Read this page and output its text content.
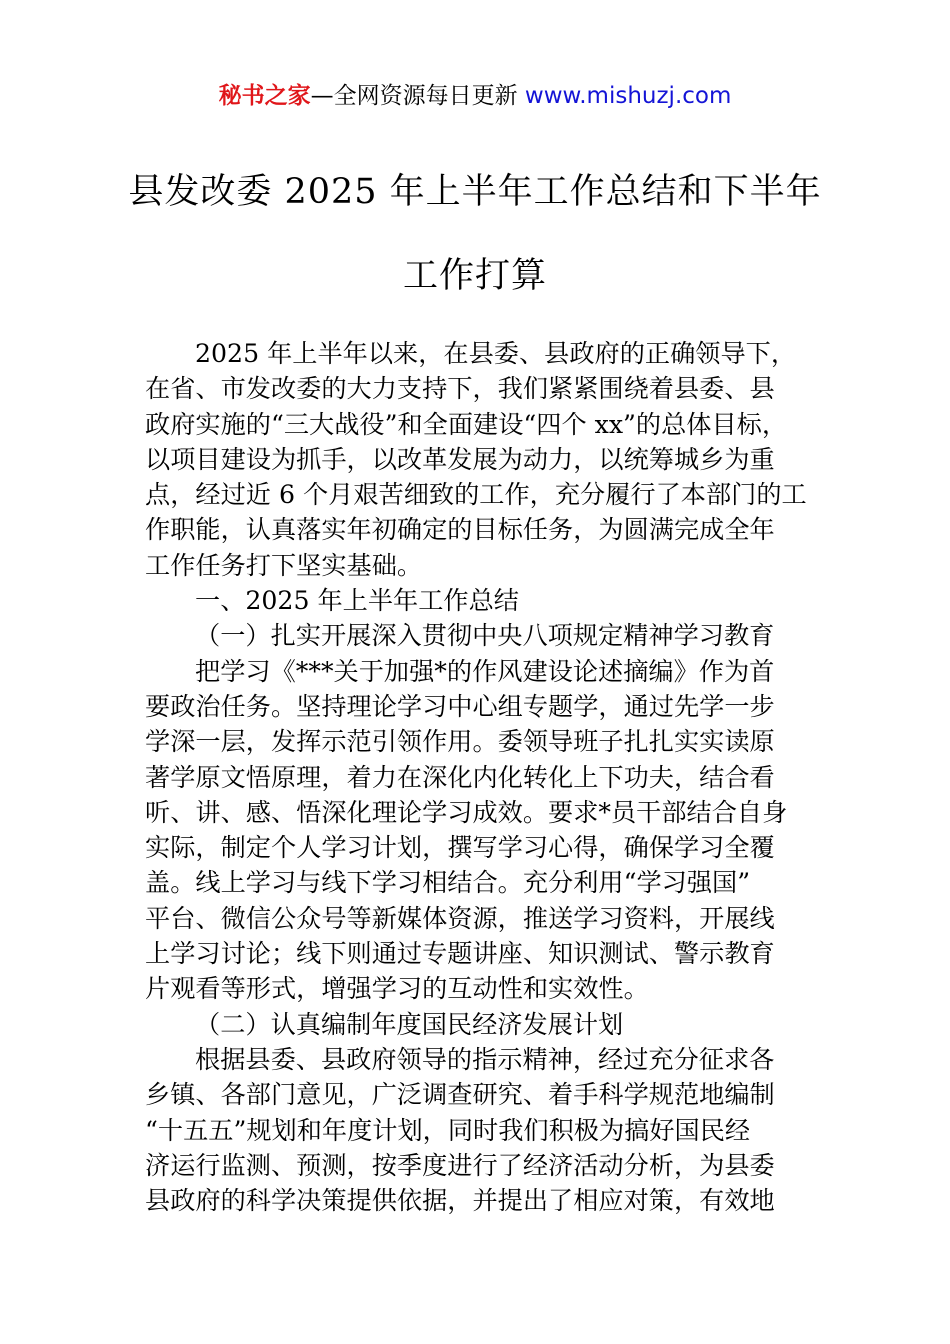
秘书之家—全网资源每日更新 www.mishuzj.com
县发改委 2025 年上半年工作总结和下半年
工作打算
2025 年上半年以来，在县委、县政府的正确领导下，
在省、市发改委的大力支持下，我们紧紧围绕着县委、县
政府实施的“三大战役”和全面建设“四个 xx”的总体目标，
以项目建设为抓手，以改革发展为动力，以统筹城乡为重
点，经过近 6 个月艰苦细致的工作，充分履行了本部门的工
作职能，认真落实年初确定的目标任务，为圆满完成全年
工作任务打下坚实基础。
一、2025 年上半年工作总结
（一）扎实开展深入贯彻中央八项规定精神学习教育
把学习《***关于加强*的作风建设论述摘编》作为首
要政治任务。坚持理论学习中心组专题学，通过先学一步
学深一层，发挥示范引领作用。委领导班子扎扎实实读原
著学原文悟原理，着力在深化内化转化上下功夫，结合看
听、讲、感、悟深化理论学习成效。要求*员干部结合自身
实际，制定个人学习计划，撰写学习心得，确保学习全覆
盖。线上学习与线下学习相结合。充分利用“学习强国”
平台、微信公众号等新媒体资源，推送学习资料，开展线
上学习讨论；线下则通过专题讲座、知识测试、警示教育
片观看等形式，增强学习的互动性和实效性。
（二）认真编制年度国民经济发展计划
根据县委、县政府领导的指示精神，经过充分征求各
乡镇、各部门意见，广泛调查研究、着手科学规范地编制
“十五五”规划和年度计划，同时我们积极为搞好国民经
济运行监测、预测，按季度进行了经济活动分析，为县委
县政府的科学决策提供依据，并提出了相应对策，有效地
